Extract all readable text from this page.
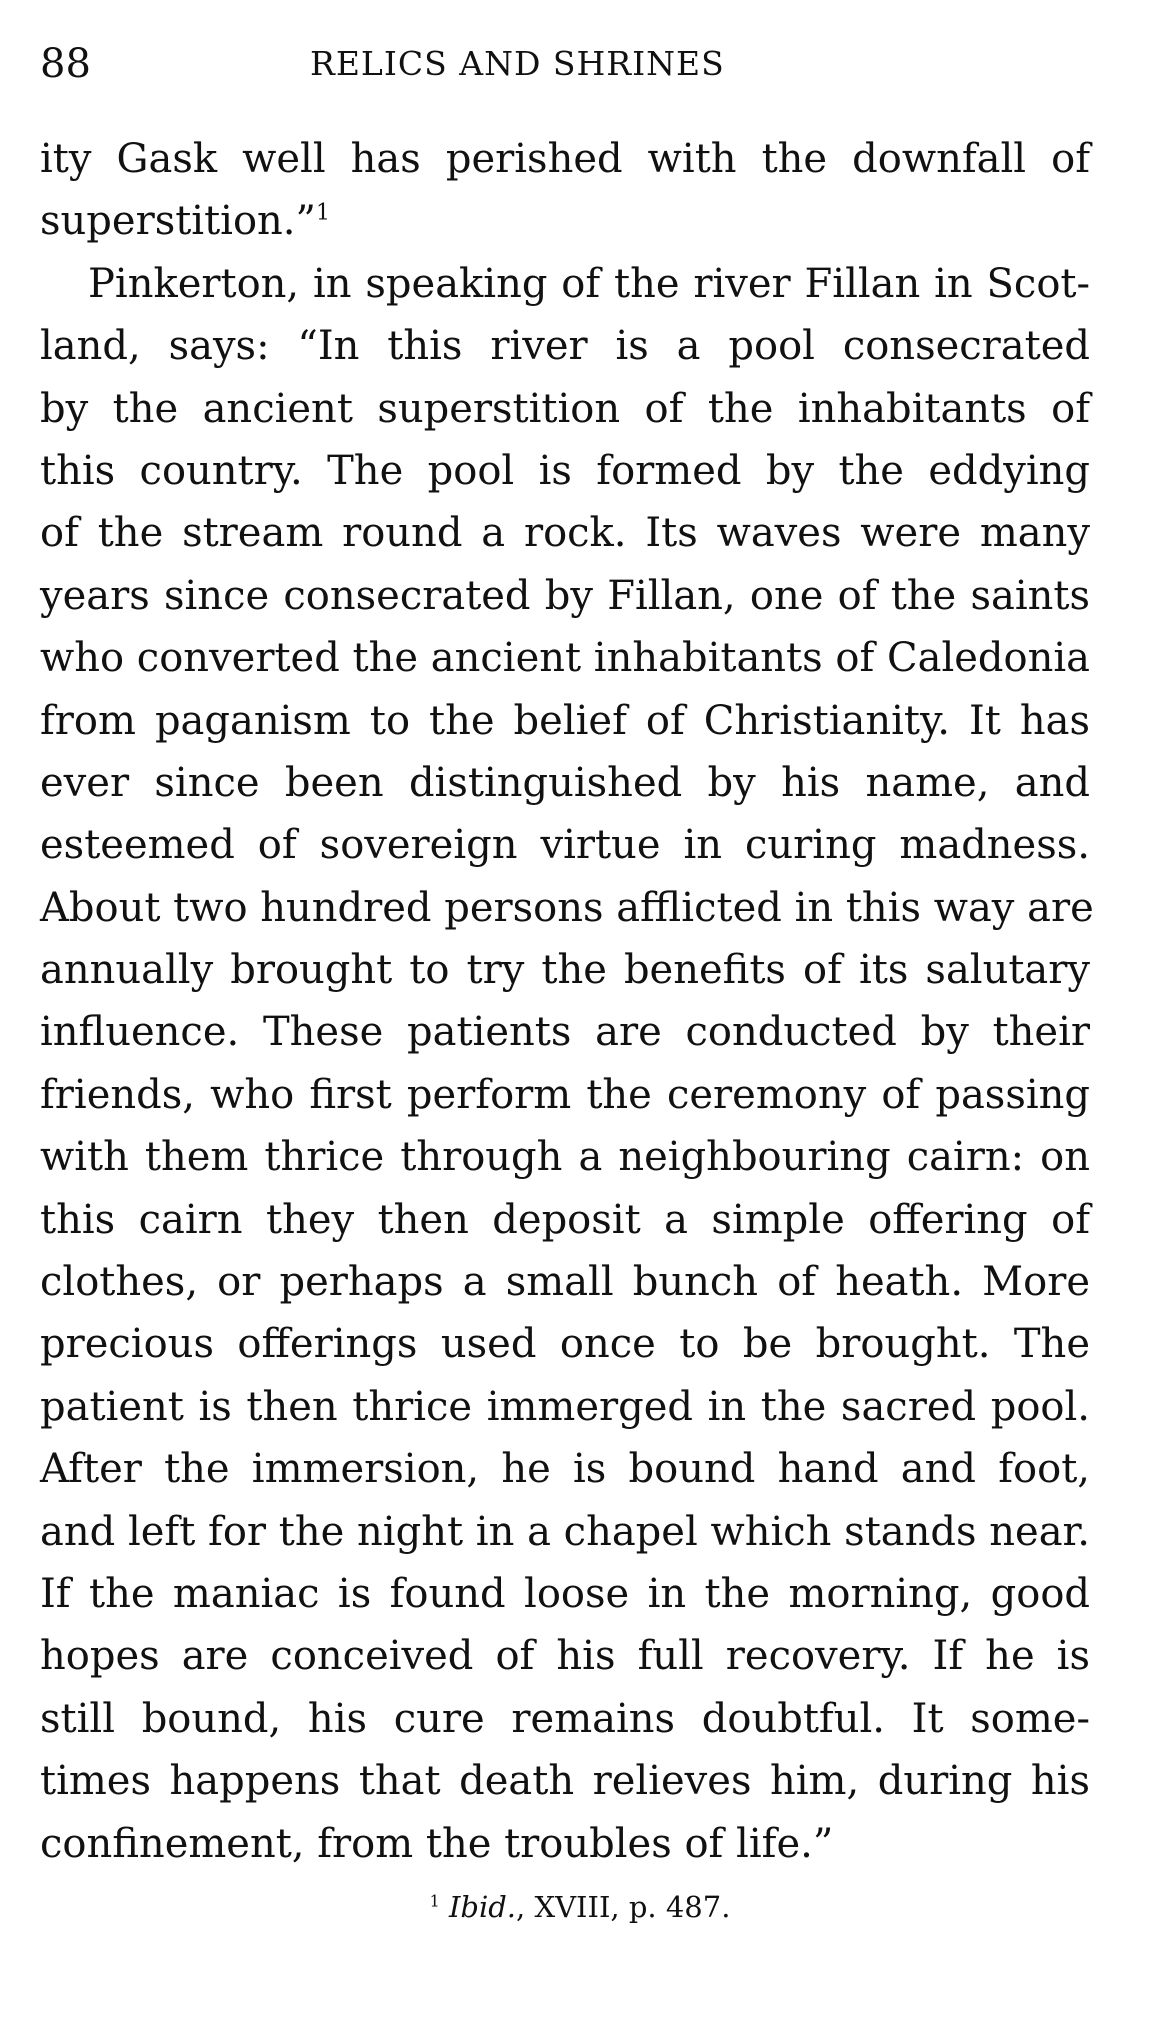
88	RELICS AND SHRINES
ity Gask well has perished with the downfall of
superstition.”$^1$
Pinkerton, in speaking of the river Fillan in Scot-
land, says: “In this river is a pool consecrated
by the ancient superstition of the inhabitants of
this country. The pool is formed by the eddying
of the stream round a rock. Its waves were many
years since consecrated by Fillan, one of the saints
who converted the ancient inhabitants of Caledonia
from paganism to the belief of Christianity. It has
ever since been distinguished by his name, and
esteemed of sovereign virtue in curing madness.
About two hundred persons afflicted in this way are
annually brought to try the benefits of its salutary
influence. These patients are conducted by their
friends, who first perform the ceremony of passing
with them thrice through a neighbouring cairn: on
this cairn they then deposit a simple offering of
clothes, or perhaps a small bunch of heath. More
precious offerings used once to be brought. The
patient is then thrice immerged in the sacred pool.
After the immersion, he is bound hand and foot,
and left for the night in a chapel which stands near.
If the maniac is found loose in the morning, good
hopes are conceived of his full recovery. If he is
still bound, his cure remains doubtful. It some-
times happens that death relieves him, during his
confinement, from the troubles of life.”
$^1$ Ibid., XVIII, p. 487.
